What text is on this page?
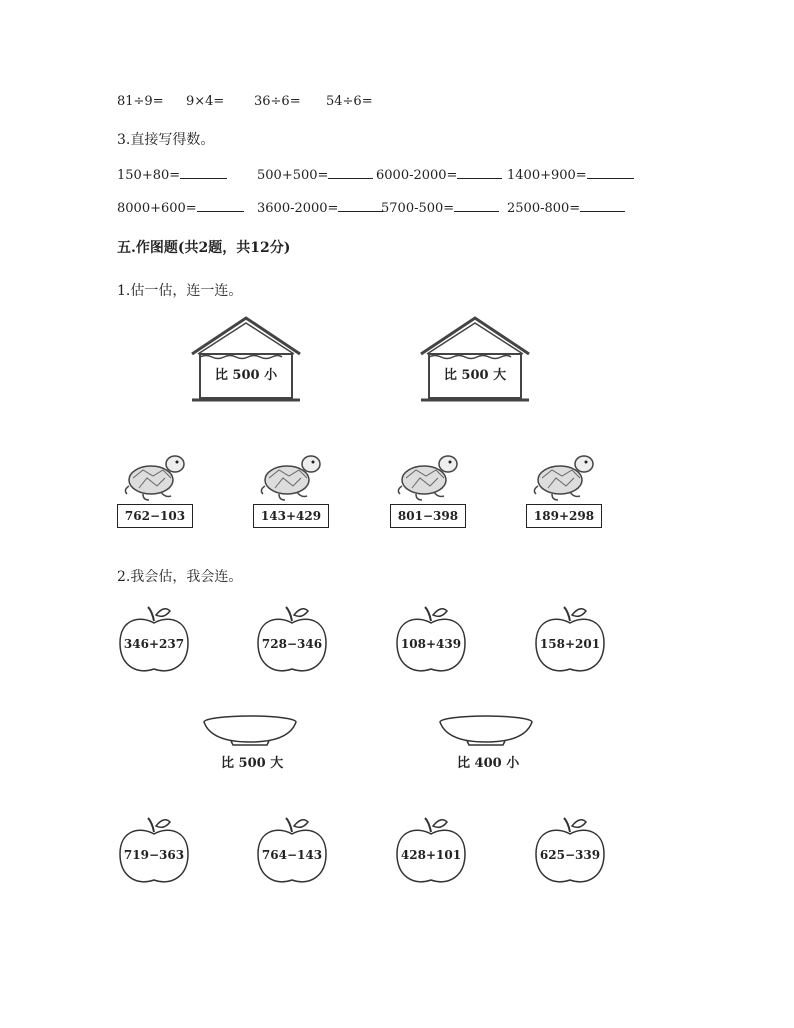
81÷9= 9×4= 36÷6= 54÷6=
3.直接写得数。
150+80=	500+500=	6000-2000=	1400+900=
8000+600=	3600-2000=	5700-500=	2500-800=
五.作图题(共2题，共12分)
1.估一估，连一连。
比 500 小	比 500 大
762−103	143+429	801−398	189+298
2.我会估，我会连。
346+237	728−346	108+439	158+201
比 500 大	比 400 小
719−363	764−143	428+101	625−339
